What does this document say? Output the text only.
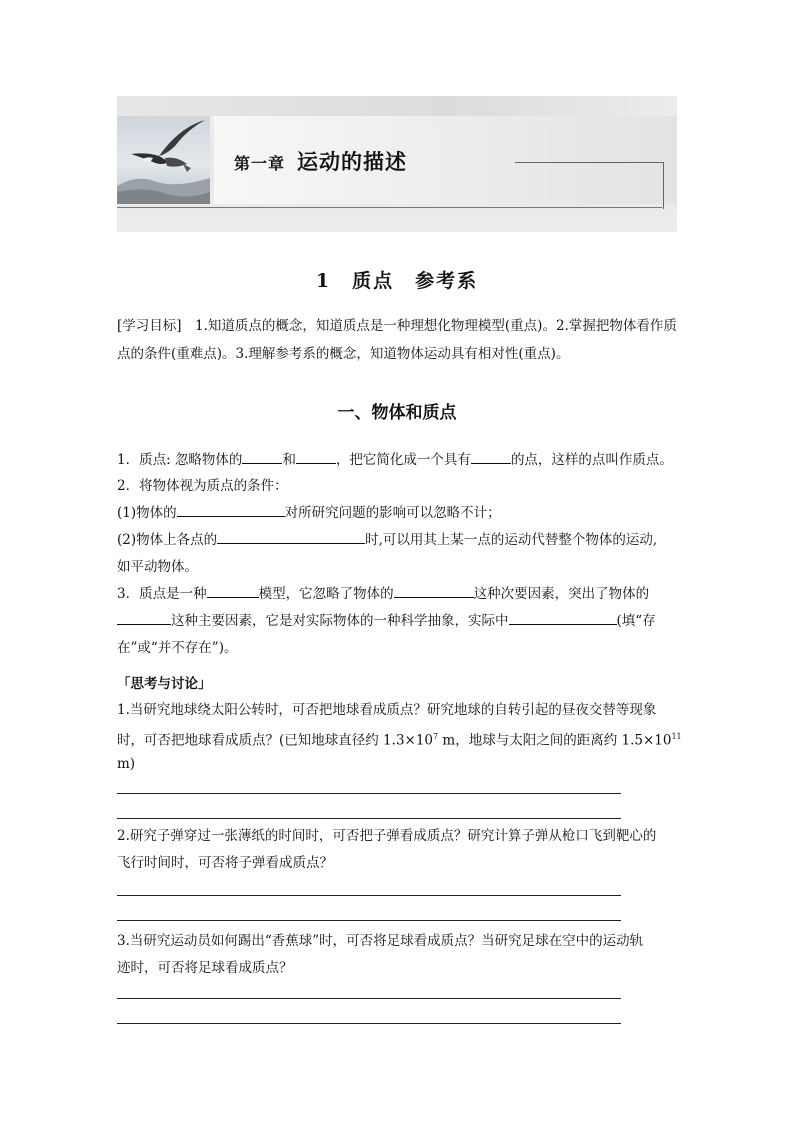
第一章 运动的描述
1　质点　参考系
[学习目标]　1.知道质点的概念，知道质点是一种理想化物理模型(重点)。2.掌握把物体看作质点的条件(重难点)。3.理解参考系的概念，知道物体运动具有相对性(重点)。
一、物体和质点
1．质点: 忽略物体的	和	，把它简化成一个具有	的点，这样的点叫作质点。
2．将物体视为质点的条件：
(1)物体的	对所研究问题的影响可以忽略不计；
(2)物体上各点的	时,可以用其上某一点的运动代替整个物体的运动,
如平动物体。
3．质点是一种	模型，它忽略了物体的	这种次要因素，突出了物体的
这种主要因素，它是对实际物体的一种科学抽象，实际中	(填“存
在”或“并不存在”)。
「思考与讨论」
1.当研究地球绕太阳公转时，可否把地球看成质点？研究地球的自转引起的昼夜交替等现象
时，可否把地球看成质点？(已知地球直径约 $1.3\times 10^7$ m，地球与太阳之间的距离约 $1.5\times 10^{11}$
m)
2.研究子弹穿过一张薄纸的时间时，可否把子弹看成质点？研究计算子弹从枪口飞到靶心的
飞行时间时，可否将子弹看成质点？
3.当研究运动员如何踢出“香蕉球”时，可否将足球看成质点？当研究足球在空中的运动轨
迹时，可否将足球看成质点？
